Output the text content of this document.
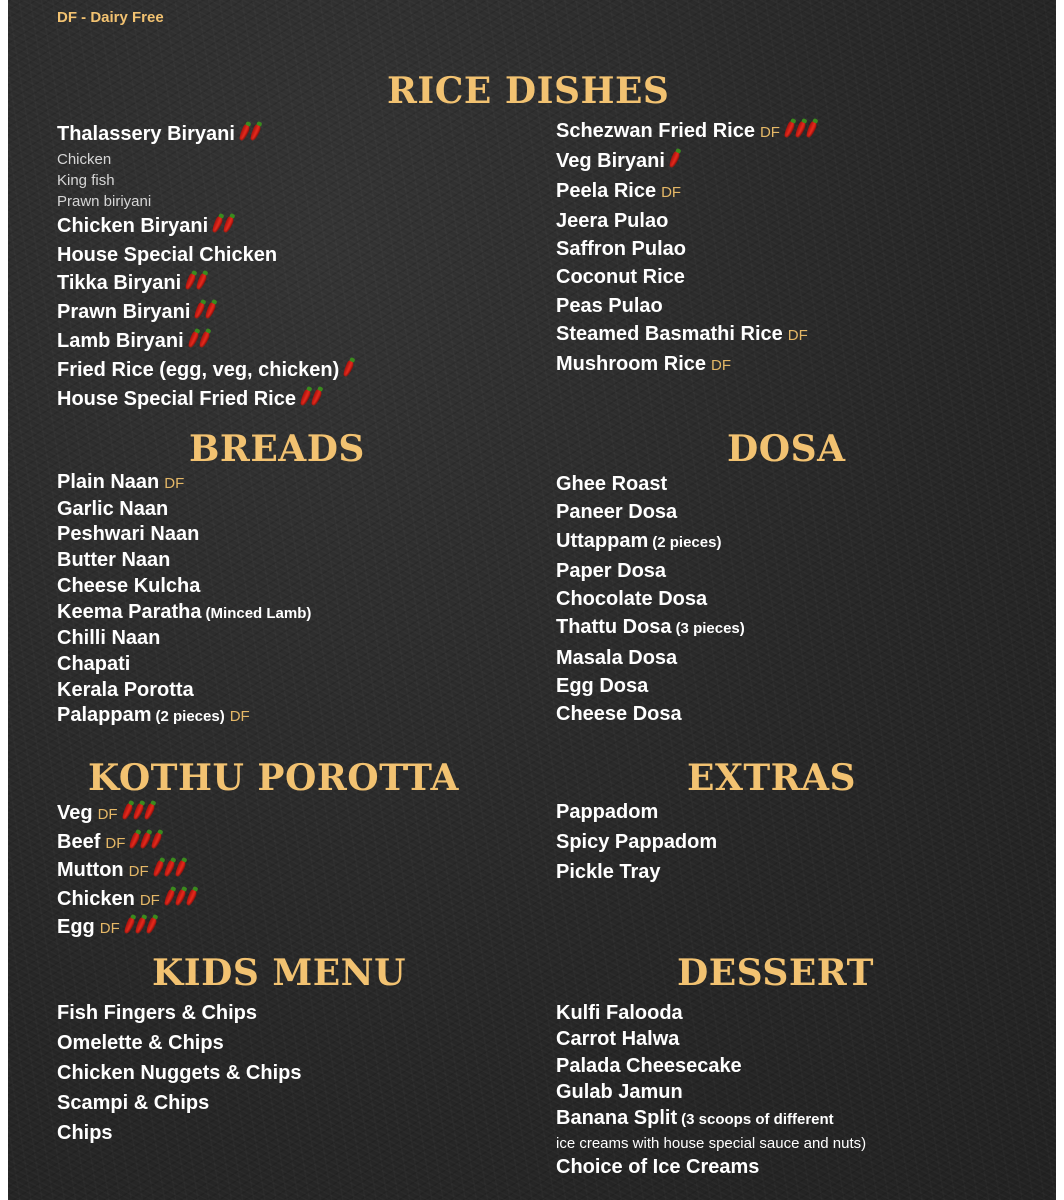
DF - Dairy Free
RICE DISHES
Thalassery Biryani
Chicken
King fish
Prawn biriyani
Chicken Biryani
House Special Chicken
Tikka Biryani
Prawn Biryani
Lamb Biryani
Fried Rice (egg, veg, chicken)
House Special Fried Rice
Schezwan Fried Rice DF
Veg Biryani
Peela Rice DF
Jeera Pulao
Saffron Pulao
Coconut Rice
Peas Pulao
Steamed Basmathi Rice DF
Mushroom Rice DF
BREADS
Plain Naan DF
Garlic Naan
Peshwari Naan
Butter Naan
Cheese Kulcha
Keema Paratha (Minced Lamb)
Chilli Naan
Chapati
Kerala Porotta
Palappam (2 pieces) DF
DOSA
Ghee Roast
Paneer Dosa
Uttappam (2 pieces)
Paper Dosa
Chocolate Dosa
Thattu Dosa (3 pieces)
Masala Dosa
Egg Dosa
Cheese Dosa
KOTHU POROTTA
Veg DF
Beef DF
Mutton DF
Chicken DF
Egg DF
EXTRAS
Pappadom
Spicy Pappadom
Pickle Tray
KIDS MENU
Fish Fingers & Chips
Omelette & Chips
Chicken Nuggets & Chips
Scampi & Chips
Chips
DESSERT
Kulfi Falooda
Carrot Halwa
Palada Cheesecake
Gulab Jamun
Banana Split (3 scoops of different
ice creams with house special sauce and nuts)
Choice of Ice Creams
